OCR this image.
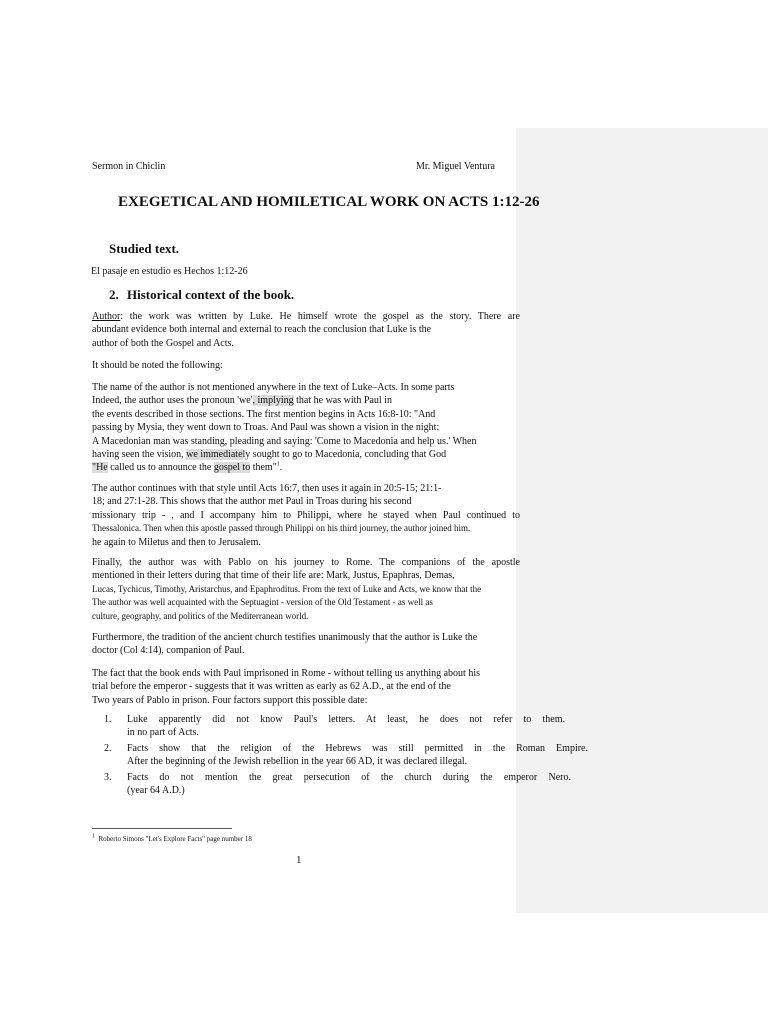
Sermon in Chiclin	Mr. Miguel Ventura

EXEGETICAL AND HOMILETICAL WORK ON ACTS 1:12-26
Studied text.

El pasaje en estudio es Hechos 1:12-26

2. Historical context of the book.
Author: the work was written by Luke. He himself wrote the gospel as the story. There are
abundant evidence both internal and external to reach the conclusion that Luke is the
author of both the Gospel and Acts.

It should be noted the following:

The name of the author is not mentioned anywhere in the text of Luke–Acts. In some parts
Indeed, the author uses the pronoun 'we', implying that he was with Paul in
the events described in those sections. The first mention begins in Acts 16:8-10: "And
passing by Mysia, they went down to Troas. And Paul was shown a vision in the night:
A Macedonian man was standing, pleading and saying: 'Come to Macedonia and help us.' When
having seen the vision, we immediately sought to go to Macedonia, concluding that God
"He called us to announce the gospel to them"$^1$.
The author continues with that style until Acts 16:7, then uses it again in 20:5-15; 21:1-
18; and 27:1-28. This shows that the author met Paul in Troas during his second
missionary trip - , and I accompany him to Philippi, where he stayed when Paul continued to
Thessalonica. Then when this apostle passed through Philippi on his third journey, the author joined him.
he again to Miletus and then to Jerusalem.
Finally, the author was with Pablo on his journey to Rome. The companions of the apostle
mentioned in their letters during that time of their life are: Mark, Justus, Epaphras, Demas,
Lucas, Tychicus, Timothy, Aristarchus, and Epaphroditus. From the text of Luke and Acts, we know that the
The author was well acquainted with the Septuagint - version of the Old Testament - as well as
culture, geography, and politics of the Mediterranean world.
Furthermore, the tradition of the ancient church testifies unanimously that the author is Luke the
doctor (Col 4:14), companion of Paul.
The fact that the book ends with Paul imprisoned in Rome - without telling us anything about his
trial before the emperor - suggests that it was written as early as 62 A.D., at the end of the
Two years of Pablo in prison. Four factors support this possible date:
1. Luke apparently did not know Paul's letters. At least, he does not refer to them.
in no part of Acts.
2. Facts show that the religion of the Hebrews was still permitted in the Roman Empire.
After the beginning of the Jewish rebellion in the year 66 AD, it was declared illegal.
3. Facts do not mention the great persecution of the church during the emperor Nero.
(year 64 A.D.)

$^1$ Roberto Simons "Let's Explore Facts" page number 18

1
